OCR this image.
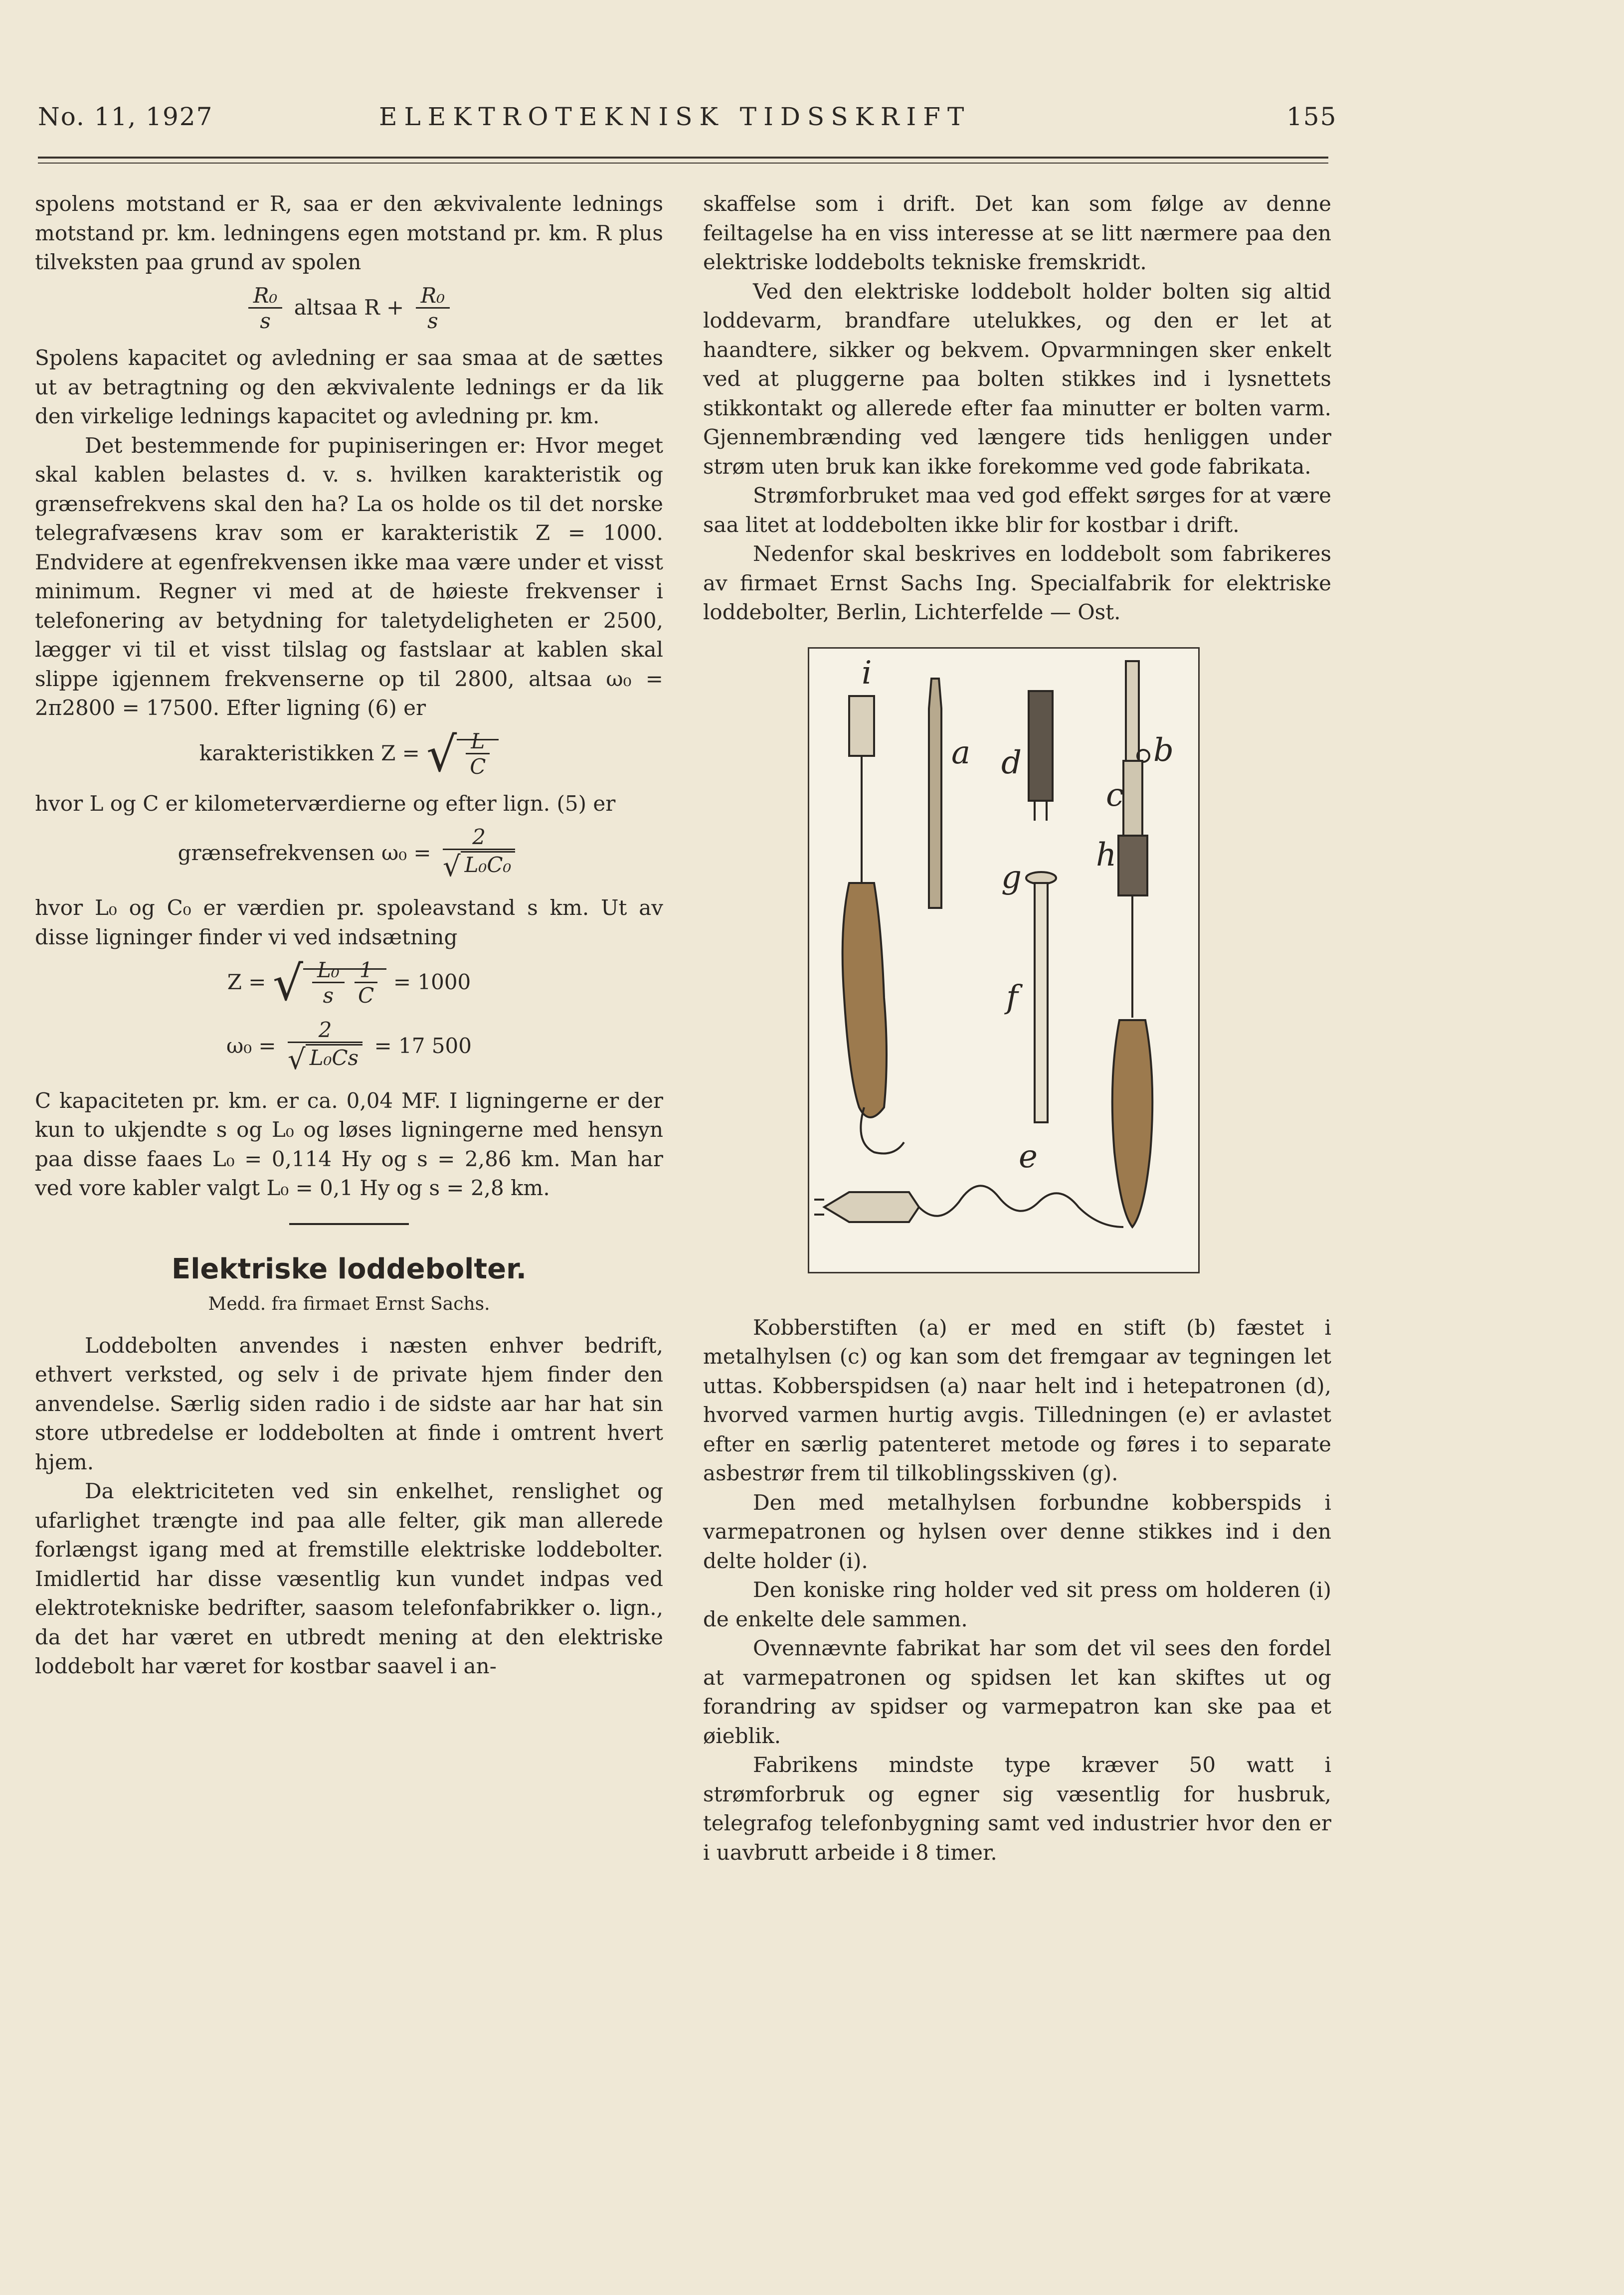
No. 11, 1927	ELEKTROTEKNISK TIDSSKRIFT	155

spolens motstand er R, saa er den ækvivalente lednings motstand pr. km. ledningens egen motstand pr. km. R plus tilveksten paa grund av spolen

$\frac{\text{R₀}}{s}$ altsaa $R + \frac{\text{R₀}}{s}$

Spolens kapacitet og avledning er saa smaa at de sættes ut av betragtning og den ækvivalente lednings er da lik den virkelige lednings kapacitet og avledning pr. km.

Det bestemmende for pupiniseringen er: Hvor meget skal kablen belastes d. v. s. hvilken karakteristik og grænsefrekvens skal den ha? La os holde os til det norske telegrafvæsens krav som er karakteristik Z = 1000. Endvidere at egenfrekvensen ikke maa være under et visst minimum. Regner vi med at de høieste frekvenser i telefonering av betydning for taletydeligheten er 2500, lægger vi til et visst tilslag og fastslaar at kablen skal slippe igjennem frekvenserne op til 2800, altsaa ω₀ = 2π2800 = 17500. Efter ligning (6) er

karakteristikken Z = √ $\frac{L}{C}$

hvor L og C er kilometerværdierne og efter lign. (5) er

grænsefrekvensen $\omega_0 = \frac{2}{\text{√ L₀C₀}}$

hvor L₀ og C₀ er værdien pr. spoleavstand s km. Ut av disse ligninger finder vi ved indsætning

Z = √ $\frac{\text{L₀}}{s} \frac{1}{C} = 1000$
$\omega_0 = \frac{2}{\text{√ L₀Cs}} = 17$ 500

C kapaciteten pr. km. er ca. 0,04 MF. I ligningerne er der kun to ukjendte s og L₀ og løses ligningerne med hensyn paa disse faaes L₀ = 0,114 Hy og s = 2,86 km. Man har ved vore kabler valgt L₀ = 0,1 Hy og s = 2,8 km.

Elektriske loddebolter.
Medd. fra firmaet Ernst Sachs.

Loddebolten anvendes i næsten enhver bedrift, ethvert verksted, og selv i de private hjem finder den anvendelse. Særlig siden radio i de sidste aar har hat sin store utbredelse er loddebolten at finde i omtrent hvert hjem.

Da elektriciteten ved sin enkelhet, renslighet og ufarlighet trængte ind paa alle felter, gik man allerede forlængst igang med at fremstille elektriske loddebolter. Imidlertid har disse væsentlig kun vundet indpas ved elektrotekniske bedrifter, saasom telefonfabrikker o. lign., da det har været en utbredt mening at den elektriske loddebolt har været for kostbar saavel i an-

skaffelse som i drift. Det kan som følge av denne feiltagelse ha en viss interesse at se litt nærmere paa den elektriske loddebolts tekniske fremskridt.

Ved den elektriske loddebolt holder bolten sig altid loddevarm, brandfare utelukkes, og den er let at haandtere, sikker og bekvem. Opvarmningen sker enkelt ved at pluggerne paa bolten stikkes ind i lysnettets stikkontakt og allerede efter faa minutter er bolten varm. Gjennembrænding ved længere tids henliggen under strøm uten bruk kan ikke forekomme ved gode fabrikata.

Strømforbruket maa ved god effekt sørges for at være saa litet at loddebolten ikke blir for kostbar i drift.

Nedenfor skal beskrives en loddebolt som fabrikeres av firmaet Ernst Sachs Ing. Specialfabrik for elektriske loddebolter, Berlin, Lichterfelde — Ost.

i
a d	b
c
h
g
f
e

Kobberstiften (a) er med en stift (b) fæstet i metalhylsen (c) og kan som det fremgaar av tegningen let uttas. Kobberspidsen (a) naar helt ind i hetepatronen (d), hvorved varmen hurtig avgis. Tilledningen (e) er avlastet efter en særlig patenteret metode og føres i to separate asbestrør frem til tilkoblingsskiven (g).

Den med metalhylsen forbundne kobberspids i varmepatronen og hylsen over denne stikkes ind i den delte holder (i).

Den koniske ring holder ved sit press om holderen (i) de enkelte dele sammen.

Ovennævnte fabrikat har som det vil sees den fordel at varmepatronen og spidsen let kan skiftes ut og forandring av spidser og varmepatron kan ske paa et øieblik.

Fabrikens mindste type kræver 50 watt i strømforbruk og egner sig væsentlig for husbruk, telegrafog telefonbygning samt ved industrier hvor den er i uavbrutt arbeide i 8 timer.
